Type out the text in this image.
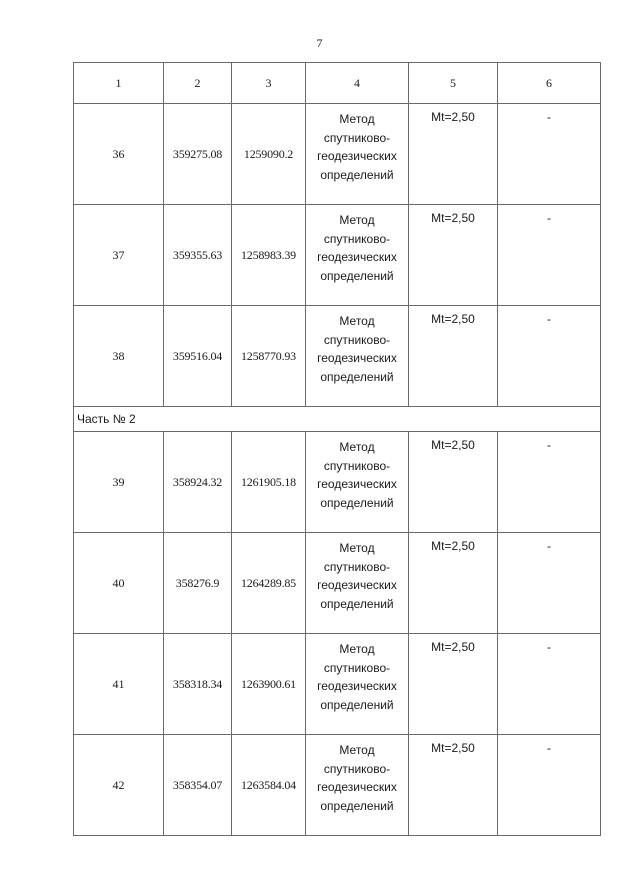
7
1	2	3	4	5	6
36	359275.08	1259090.2	Метод
спутниково-
геодезических
определений	Mt=2,50	-
37	359355.63	1258983.39	Метод
спутниково-
геодезических
определений	Mt=2,50	-
38	359516.04	1258770.93	Метод
спутниково-
геодезических
определений	Mt=2,50	-
Часть № 2					
39	358924.32	1261905.18	Метод
спутниково-
геодезических
определений	Mt=2,50	-
40	358276.9	1264289.85	Метод
спутниково-
геодезических
определений	Mt=2,50	-
41	358318.34	1263900.61	Метод
спутниково-
геодезических
определений	Mt=2,50	-
42	358354.07	1263584.04	Метод
спутниково-
геодезических
определений	Mt=2,50	-
